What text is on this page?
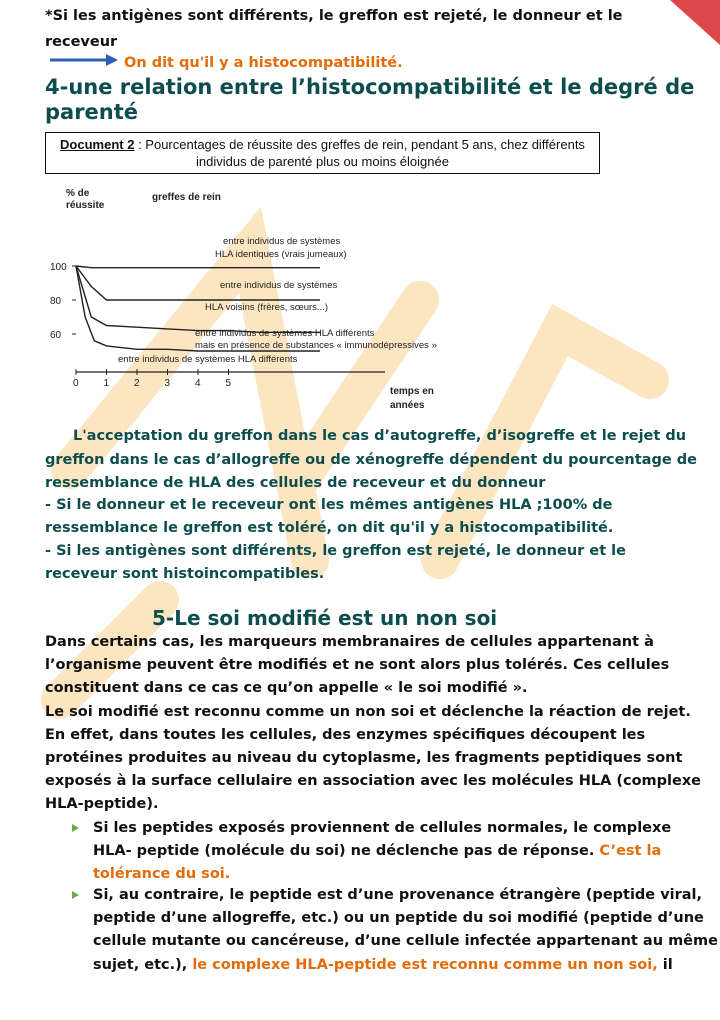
*Si les antigènes sont différents, le greffon est rejeté, le donneur et le
receveur
On dit qu'il y a histocompatibilité.
4-une relation entre l’histocompatibilité et le degré de
parenté
Document 2 : Pourcentages de réussite des greffes de rein, pendant 5 ans, chez différents
individus de parenté plus ou moins éloignée
% de
réussite
greffes de rein
temps en
années
100
80
60
0 1 2 3 4 5
entre individus de systèmes
HLA identiques (vrais jumeaux)
entre individus de systèmes
HLA voisins (frères, sœurs...)
entre individus de systèmes HLA différents
mais en présence de substances « immunodépressives »
entre individus de systèmes HLA différents
L'acceptation du greffon dans le cas d’autogreffe, d’isogreffe et le rejet du
greffon dans le cas d’allogreffe ou de xénogreffe dépendent du pourcentage de
ressemblance de HLA des cellules de receveur et du donneur
- Si le donneur et le receveur ont les mêmes antigènes HLA ;100% de
ressemblance le greffon est toléré, on dit qu'il y a histocompatibilité.
- Si les antigènes sont différents, le greffon est rejeté, le donneur et le
receveur sont histoincompatibles.
5-Le soi modifié est un non soi
Dans certains cas, les marqueurs membranaires de cellules appartenant à
l’organisme peuvent être modifiés et ne sont alors plus tolérés. Ces cellules
constituent dans ce cas ce qu’on appelle « le soi modifié ».
Le soi modifié est reconnu comme un non soi et déclenche la réaction de rejet.
En effet, dans toutes les cellules, des enzymes spécifiques découpent les
protéines produites au niveau du cytoplasme, les fragments peptidiques sont
exposés à la surface cellulaire en association avec les molécules HLA (complexe
HLA-peptide).
Si les peptides exposés proviennent de cellules normales, le complexe
HLA- peptide (molécule du soi) ne déclenche pas de réponse. C’est la
tolérance du soi.
Si, au contraire, le peptide est d’une provenance étrangère (peptide viral,
peptide d’une allogreffe, etc.) ou un peptide du soi modifié (peptide d’une
cellule mutante ou cancéreuse, d’une cellule infectée appartenant au même
sujet, etc.), le complexe HLA-peptide est reconnu comme un non soi, il
